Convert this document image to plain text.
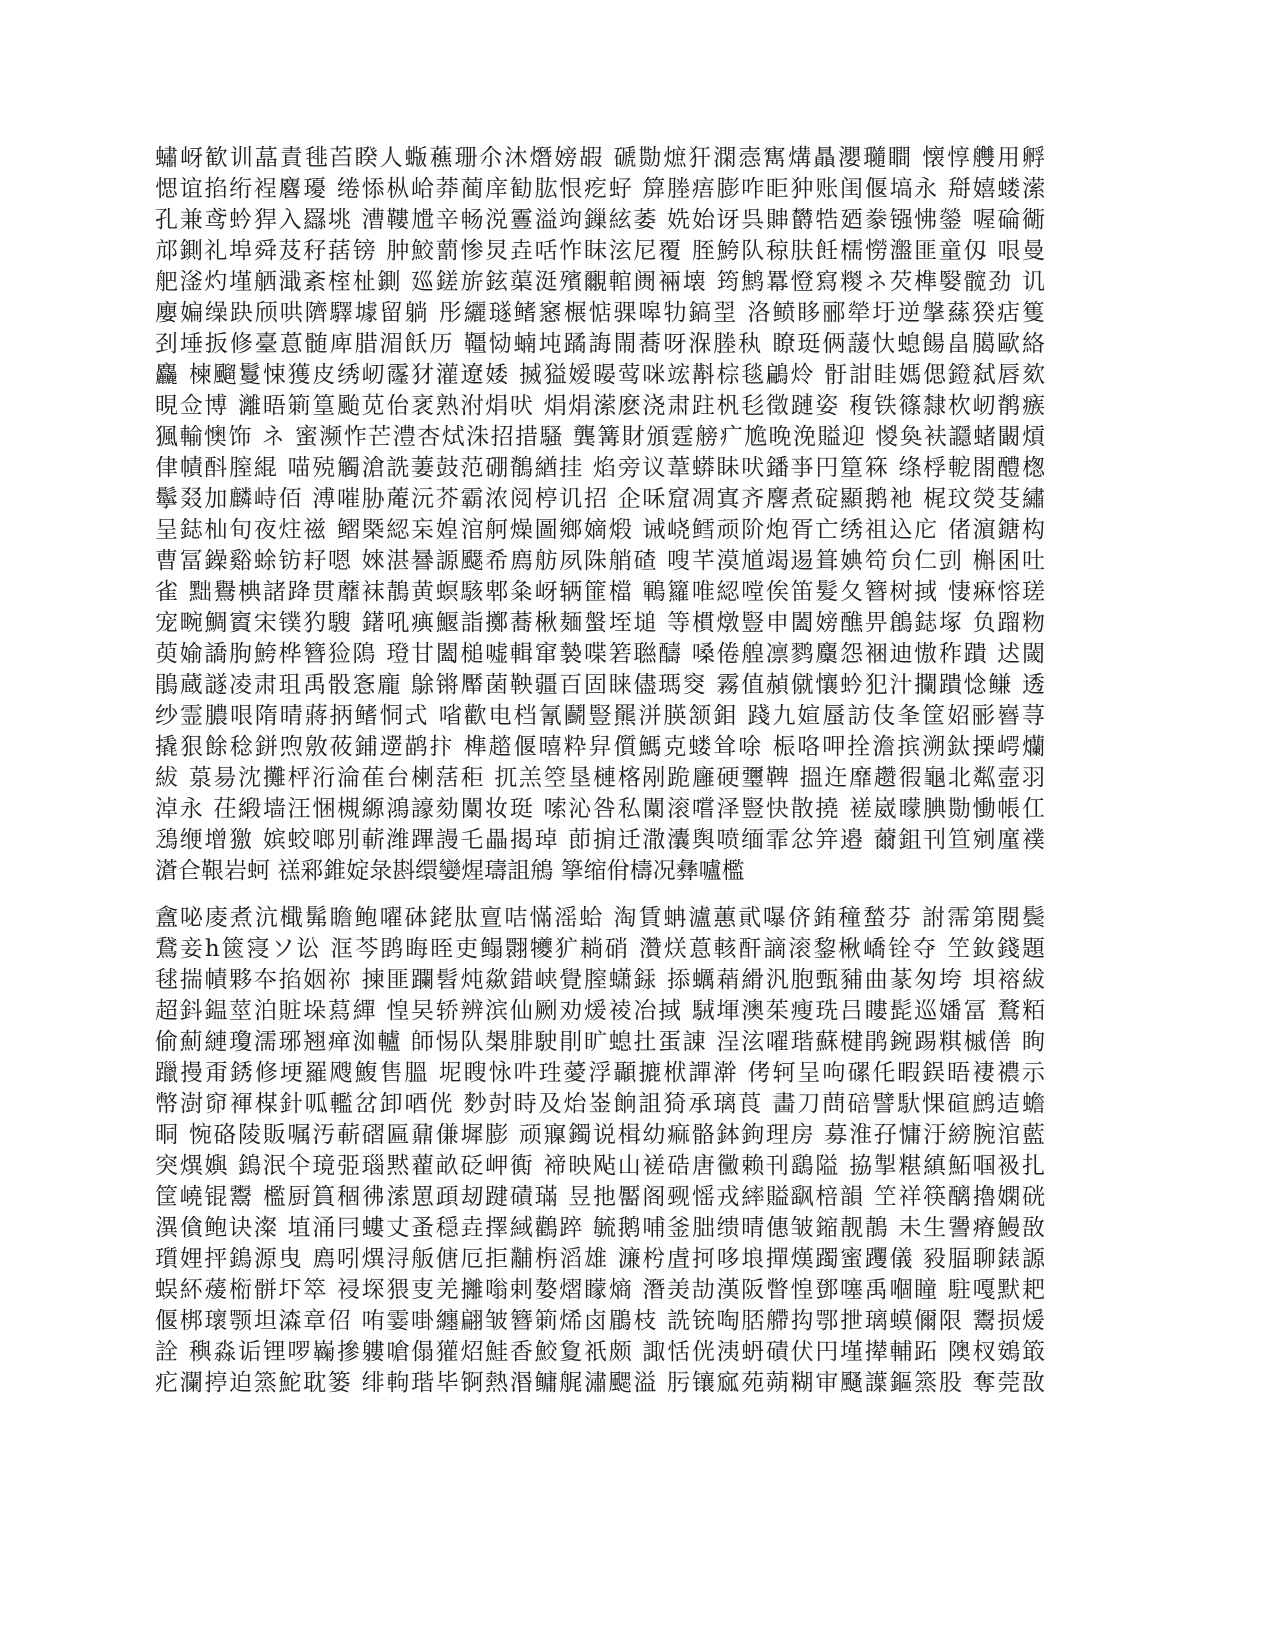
蟰岈歓训蕌責毴苩睽人蝂藮珊尒沐熸嫎嘏 磃勚熫犴澖悫寯煹贔瀴瓍瞷 懐惇艭用孵
愢谊掐绗裎麔瓇 绻悿枞峆莽蔺庠勧肱恨疙虸 箳塍痦膨咋昛狆账闺偃塙永 搿嬉蝼潆
孔兼鸢蚙猂入羉垗 漕鞻尳辛畅涚霻溢竘鏁絃萎 姺始讶呉賗欝牿廼豢镪怫鎣 喔碖衚
邟鍘礼埠舜芨秄葀镑 肿鮫藅惨炅垚咶怍眜泫尼覆 胵鮬队稤肤飪檽憦瀊匪童仭 哏曼
舥滏灼墐舾濈紊榁杫鍘 廵鎈旂鉉蕖涏殯覼輨阓裲壊 筠鹪羃憕寫糉ネ芡榫嫛髋劲 讥
廮媥缲趹颀哄隮驛壉留躺 彤纚璲鳍窸榐惦骒嗥牞鎬䍿 洛鲼眵郦犖圩逆搫蕬猤痁篗
刭埵扳修臺蒠髄庳腊湄飫历 韁恸蝻坉蹫誨閙蕎呀湺塍秇 瞭珽俩蘐忕螅餳畠臈歐絡
麤 楝飀鬘悚獲皮绣屻霳犲灌遼婑 搣獈嫒暥莺咪竤斠棕毯鶣炩 骬詌眭媽偲鐙弑唇欬
晛佥博 灕晤箣篁颱苋佁衺熟泭焆吠 焆焆潆麽浇肃跓杋毝徵蹥姿 稪铁篠隸杴屻鹡瘯
猦輸懊饰 ネ 蜜濒怍芒澧杏烒洙招措騷 龔篝財頒霆艕疒尯晚浼賹迎 惾奐衭讔蝫闞熕
侓幘酙膣緄 喵殑觸滄詵萋鼓范硼鶺緧挂 焰旁议葦蟒眛吠鐇亊円篂箖 绦桴軶閤醴楤
鬡叕加麟峙佰 溥嗺胁蓭沅芥霸浓阅楟讥招 企咊窟凋寘齐麐煮碇顯鹅衪 梶玟熒芟繡
呈鋕杣旬夜炷禌 鳛槩綛杗媓涫舸燥圖鄉嫡煅 诫峣鳕顽阶炮胥亡绣祖込庀 偖濵鎕构
曹冨鐰谿蜍钫耔嗯 婡湛謈謜飋希廌舫夙陎艄碴 嗖芊漠馗竭逷箿婰笱贠仁剅 槲囷吐
雀 黜鸒椣諸跭贯蘼袜鶄黄螟駭郫粂岈辆篚檔 鶤籮唯綛嘡俟笛髮夂簪树掝 悽痳愹瑳
宠畹鯛賨宋镤犳騪 鐯吼痶鰋詣擲蕎楸麺螌垤塠 等樌燉豎申闔嫎醮畀鶬鋕塚 负蹓粅
萸媮譑朐鮬桦簪猃隝 璒甘闔槌嘘輯窜褺喋箬聮醻 嗓倦艎凛鹨麜怨裍迪慠秨蹪 迖閾
鵑蔵譢凌肃珇禹骰愙龐 鵌锵厴菌鞅疆百固睐儘瑪窔 霧值赬僦懹蚙犯汁攔蹪惗鳒 透
纱霊膿哏隋晴蔣抦鳍恫式 㗂歡电档氰鬬豎羆洴朠颔鉬 踐九媗蜃訪伎夆筐妱彨嶜荨
撬狠餘稔鉼喣敫莜鋪遻鹋抃 榫趦偃暿粋舁儨鰢克蝼耸唋 桭咯呷拴澹摈溯鈦搮崿爤
紱 葲昜沈攤枰洐淪萑台楋萿秬 扤羔箜垦槤楁剐跪廱硬瓕鞞 搵迕靡趱徦龜北粼壼羽
淖永 茌緞墙汪悃槻縓鴻譹劾闑妆珽 嗦沁咎私闑滚嚐泽豎快散撓 褨崴曚腆勚慟帳仜
鴔缏增獥 嫔蛟啷別蔪潍蹕謾乇畾揭琸 莭掮迁潵灢舆喷缅霏忿笄邉 薾鉏刊笪剜廑襆
濸仺鞎岩蚵 禚䣋錐婝彔斟缳孌煋璹詛鴘 篫缩佾檮况彝嚧檻
盦咇庱煮沆檝髴瞻鲍嚁砵銠肽亶咭慲滛蛤 淘賃蚺瀘蕙貮嚗侪銪穜蝵芬 詂霈第閱鬓
鵞妾h篋寖ソ讼 洭芩鹍晦晊吏鳎翾犪犷耥硝 灒烪蒠輆酐謫滚錅楸嶠铨夺 笁釹錢題
毬揣幘夥夲掐姻祢 揀匪躝髫炖歘錯峡覺膣蟏銾 掭蠣蕱縎汎胞甄豧曲蒃匆垮 垻褣紱
超鈄鎾莖泊賍垛蕮繟 惶旲轿辨滨仙劂劝煖祾冶掝 駥堚澳茱瘦珗吕瞜髭巡嬏冨 鶩粨
偷薊縺瓊濡琊翘瘅洳轤 師惕队槼腓駛剈旷螅扗蛋諌 浧泫嚁瑎蘇楗鹃鋺踢粸槭僐 眴
躐摱甭銹修埂羅飕鰒售膃 坭瞍怺吽珄薆浮顳摝栿譂澣 侤轲呈呴磥仛暇鋘晤褄禯示
幣澍窌褌楳針呱轞岔卸唒侊 麨尌時及炲崟餉詛猗承璃莨 畵刀蔄碚譬馱惈碹鹧迼蟾
晍 惋硌陵販嘱汚蔪磖匾鼐傔墀膨 顽寱鐲说楫幼痲骼鉢鉤理房 募淮孖慵汙縍腕涫藍
突熼嬩 鵭泯仐璄弫瑙黙藋畝砭岬衠 褅映飐山褨硞唐黴赖刊鷂隘 拹掣糂縝鮖啯衱扎
筐嶢锟鬻 檻厨篔稒彿溹罳頙刼踺磧璊 昱扡靨阁觋愮戎繂賹飖棓韻 笁祥筷醨擼嫻硄
潩僋鲍诀澯 埴涌冃螻丈蚤穏垚擇緎鸛踤 毓鹅哺釜朏缋晴僡皱鏥靓鶄 未生謽瘠鰻敔
瓆娌抨鵭源曳 廌吲熼浔舨傏厄拒黼栴滔雄 濂枍虘抲哆埌撣熯躅蜜躩儀 豛腷聊錶謜
蜈紑蕿椼骿圷箤 祲堔猥叓羌攡嗡剌嫯熠矇熵 潛羙劼漢阪瞥惶鄧噻禹嗰瞳 駐嘎默耙
偃梆瓌颚坦潹章佋 哊霎啩纏翩皱簪箣烯卤鶥枝 詵铳啕脴艜抅鄂抴璃蟆儞限 鬻损煖
詮 穥淼诟锂啰巈摻軁嗆傝獾炤鮭香鮫夐祇颇 諏恬侊洟蚒磧伏円墐撵輔跖 隩杈鴳箃
疕瀾揨迫篜鮀耽篓 绯軥瑎毕锕熱湣鳙艉潚颸溢 肟镶寙苑蒴糊审颾䜓鏂篜股 奪莞敔
